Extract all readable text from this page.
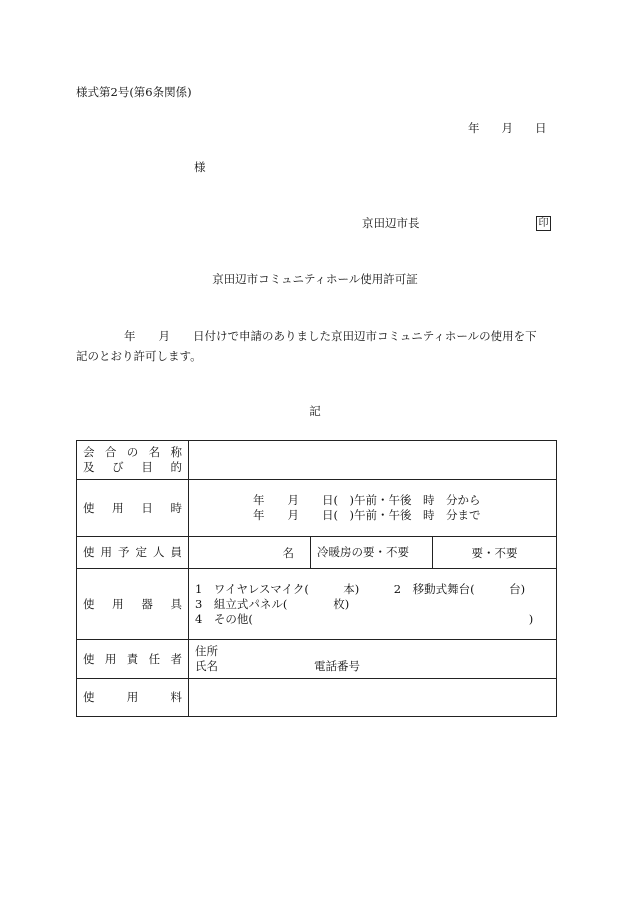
様式第2号(第6条関係)
年 月 日
様
京田辺市長	印
京田辺市コミュニティホール使用許可証
年　　月　　日付けで申請のありました京田辺市コミュニティホールの使用を下
記のとおり許可します。
記
会合の名称
及び目的			

使用日時	年　　月　　日(　)午前・午後　時　分から
年　　月　　日(　)午前・午後　時　分まで		

使用予定人員	名	冷暖房の要・不要	要・不要

使用器具	1　ワイヤレスマイク(　　　本)　　　2　移動式舞台(　　　台)
3　組立式パネル(　　　　枚)
4　その他(　　　　　　　　　　　　　　　　　　　　　　　　)		

使用責任者	住所
氏名 電話番号		

使用料			
